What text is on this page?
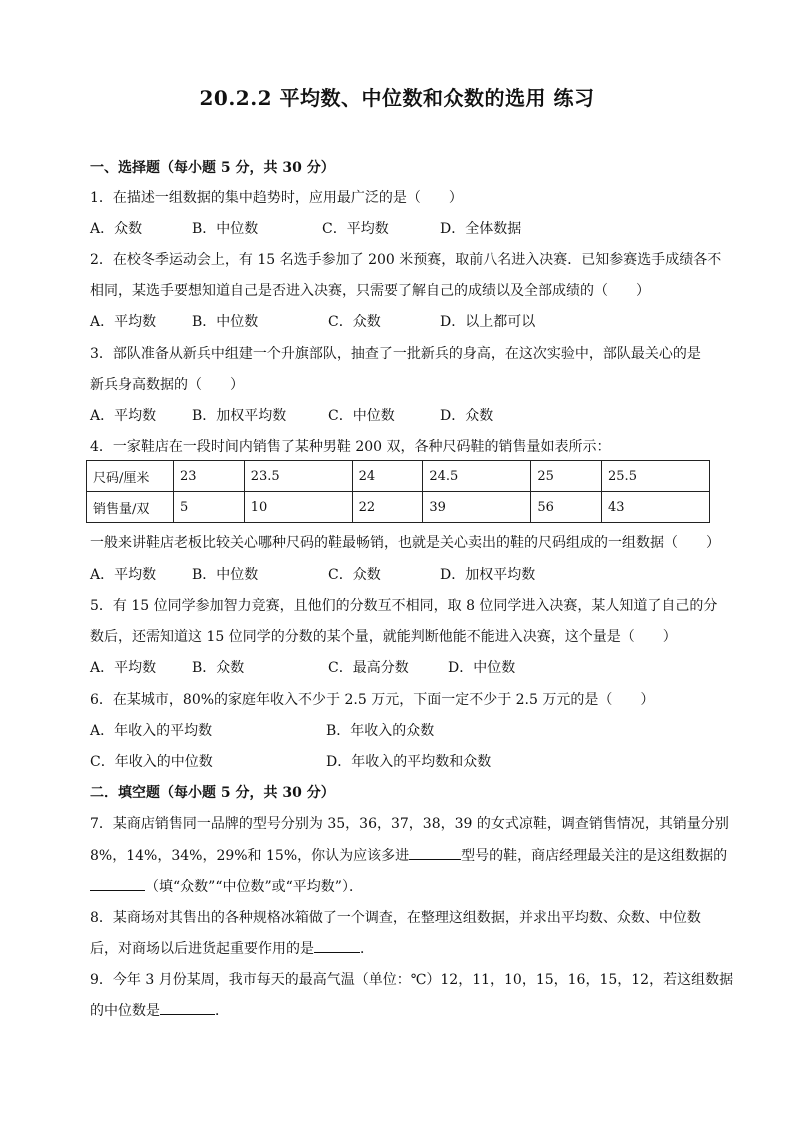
20.2.2 平均数、中位数和众数的选用 练习
一、选择题（每小题 5 分，共 30 分）
1．在描述一组数据的集中趋势时，应用最广泛的是（　　）
A．众数	B．中位数	C．平均数	D．全体数据
2．在校冬季运动会上，有 15 名选手参加了 200 米预赛，取前八名进入决赛．已知参赛选手成绩各不
相同，某选手要想知道自己是否进入决赛，只需要了解自己的成绩以及全部成绩的（　　）
A．平均数	B．中位数	C．众数	D．以上都可以
3．部队准备从新兵中组建一个升旗部队，抽查了一批新兵的身高，在这次实验中，部队最关心的是
新兵身高数据的（　　）
A．平均数	B．加权平均数	C．中位数	D．众数
4．一家鞋店在一段时间内销售了某种男鞋 200 双，各种尺码鞋的销售量如表所示：
尺码/厘米	23	23.5	24	24.5	25	25.5
销售量/双	5	10	22	39	56	43
一般来讲鞋店老板比较关心哪种尺码的鞋最畅销，也就是关心卖出的鞋的尺码组成的一组数据（　　）
A．平均数	B．中位数	C．众数	D．加权平均数
5．有 15 位同学参加智力竞赛，且他们的分数互不相同，取 8 位同学进入决赛，某人知道了自己的分
数后，还需知道这 15 位同学的分数的某个量，就能判断他能不能进入决赛，这个量是（　　）
A．平均数	B．众数	C．最高分数	D．中位数
6．在某城市，80%的家庭年收入不少于 2.5 万元，下面一定不少于 2.5 万元的是（　　）
A．年收入的平均数	B．年收入的众数
C．年收入的中位数	D．年收入的平均数和众数
二．填空题（每小题 5 分，共 30 分）
7．某商店销售同一品牌的型号分别为 35，36，37，38，39 的女式凉鞋，调查销售情况，其销量分别
8%，14%，34%，29%和 15%，你认为应该多进	型号的鞋，商店经理最关注的是这组数据的
（填“众数”“中位数”或“平均数”）．
8．某商场对其售出的各种规格冰箱做了一个调查，在整理这组数据，并求出平均数、众数、中位数
后，对商场以后进货起重要作用的是	．
9．今年 3 月份某周，我市每天的最高气温（单位：℃）12，11，10，15，16，15，12，若这组数据
的中位数是	．
